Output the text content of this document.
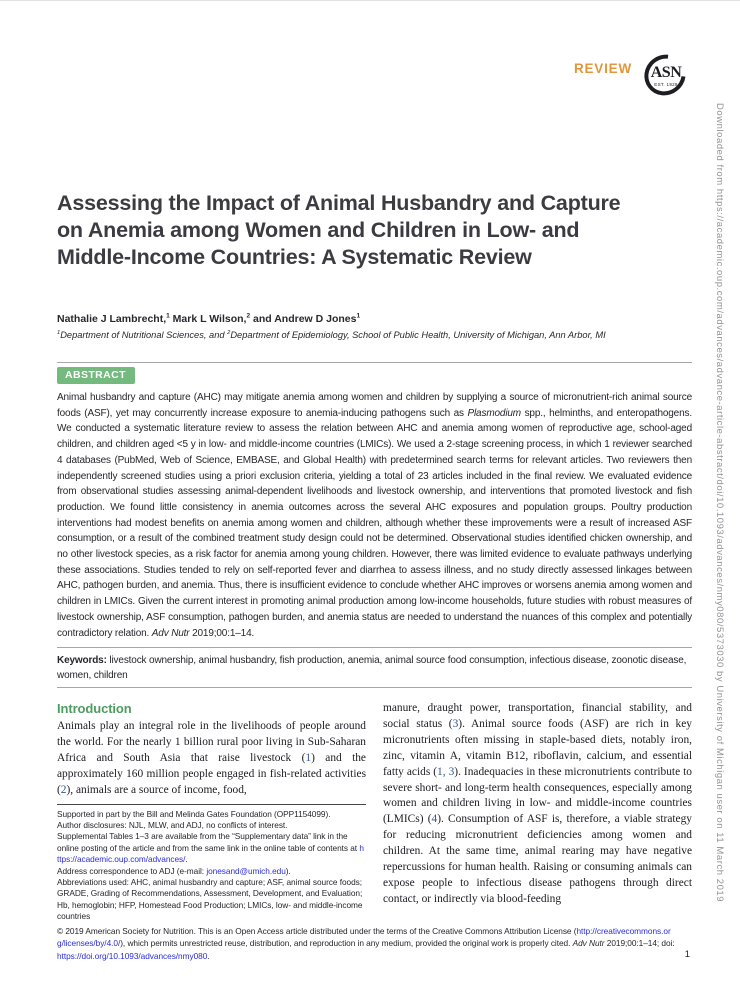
Downloaded from https://academic.oup.com/advances/advance-article-abstract/doi/10.1093/advances/nmy080/5373030 by University of Michigan user on 11 March 2019
REVIEW ASN
EST. 1928
Assessing the Impact of Animal Husbandry and Capture on Anemia among Women and Children in Low- and Middle-Income Countries: A Systematic Review
Nathalie J Lambrecht,$^1$ Mark L Wilson,$^2$ and Andrew D Jones$^1$
$^1$Department of Nutritional Sciences, and $^2$Department of Epidemiology, School of Public Health, University of Michigan, Ann Arbor, MI
ABSTRACT

Animal husbandry and capture (AHC) may mitigate anemia among women and children by supplying a source of micronutrient-rich animal source foods (ASF), yet may concurrently increase exposure to anemia-inducing pathogens such as Plasmodium spp., helminths, and enteropathogens. We conducted a systematic literature review to assess the relation between AHC and anemia among women of reproductive age, school-aged children, and children aged <5 y in low- and middle-income countries (LMICs). We used a 2-stage screening process, in which 1 reviewer searched 4 databases (PubMed, Web of Science, EMBASE, and Global Health) with predetermined search terms for relevant articles. Two reviewers then independently screened studies using a priori exclusion criteria, yielding a total of 23 articles included in the final review. We evaluated evidence from observational studies assessing animal-dependent livelihoods and livestock ownership, and interventions that promoted livestock and fish production. We found little consistency in anemia outcomes across the several AHC exposures and population groups. Poultry production interventions had modest benefits on anemia among women and children, although whether these improvements were a result of increased ASF consumption, or a result of the combined treatment study design could not be determined. Observational studies identified chicken ownership, and no other livestock species, as a risk factor for anemia among young children. However, there was limited evidence to evaluate pathways underlying these associations. Studies tended to rely on self-reported fever and diarrhea to assess illness, and no study directly assessed linkages between AHC, pathogen burden, and anemia. Thus, there is insufficient evidence to conclude whether AHC improves or worsens anemia among women and children in LMICs. Given the current interest in promoting animal production among low-income households, future studies with robust measures of livestock ownership, ASF consumption, pathogen burden, and anemia status are needed to understand the nuances of this complex and potentially contradictory relation. Adv Nutr 2019;00:1–14.

Keywords: livestock ownership, animal husbandry, fish production, anemia, animal source food consumption, infectious disease, zoonotic disease, women, children

Introduction

Animals play an integral role in the livelihoods of people around the world. For the nearly 1 billion rural poor living in Sub-Saharan Africa and South Asia that raise livestock (1) and the approximately 160 million people engaged in fish-related activities (2), animals are a source of income, food,

Supported in part by the Bill and Melinda Gates Foundation (OPP1154099).
Author disclosures: NJL, MLW, and ADJ, no conflicts of interest.
Supplemental Tables 1–3 are available from the “Supplementary data” link in the online posting of the article and from the same link in the online table of contents at https://academic.oup.com/advances/.
Address correspondence to ADJ (e-mail: jonesand@umich.edu).
Abbreviations used: AHC, animal husbandry and capture; ASF, animal source foods; GRADE, Grading of Recommendations, Assessment, Development, and Evaluation; Hb, hemoglobin; HFP, Homestead Food Production; LMICs, low- and middle-income countries

manure, draught power, transportation, financial stability, and social status (3). Animal source foods (ASF) are rich in key micronutrients often missing in staple-based diets, notably iron, zinc, vitamin A, vitamin B12, riboflavin, calcium, and essential fatty acids (1, 3). Inadequacies in these micronutrients contribute to severe short- and long-term health consequences, especially among women and children living in low- and middle-income countries (LMICs) (4). Consumption of ASF is, therefore, a viable strategy for reducing micronutrient deficiencies among women and children. At the same time, animal rearing may have negative repercussions for human health. Raising or consuming animals can expose people to infectious disease pathogens through direct contact, or indirectly via blood-feeding

© 2019 American Society for Nutrition. This is an Open Access article distributed under the terms of the Creative Commons Attribution License (http://creativecommons.org/licenses/by/4.0/), which permits unrestricted reuse, distribution, and reproduction in any medium, provided the original work is properly cited. Adv Nutr 2019;00:1–14; doi: https://doi.org/10.1093/advances/nmy080.	1
